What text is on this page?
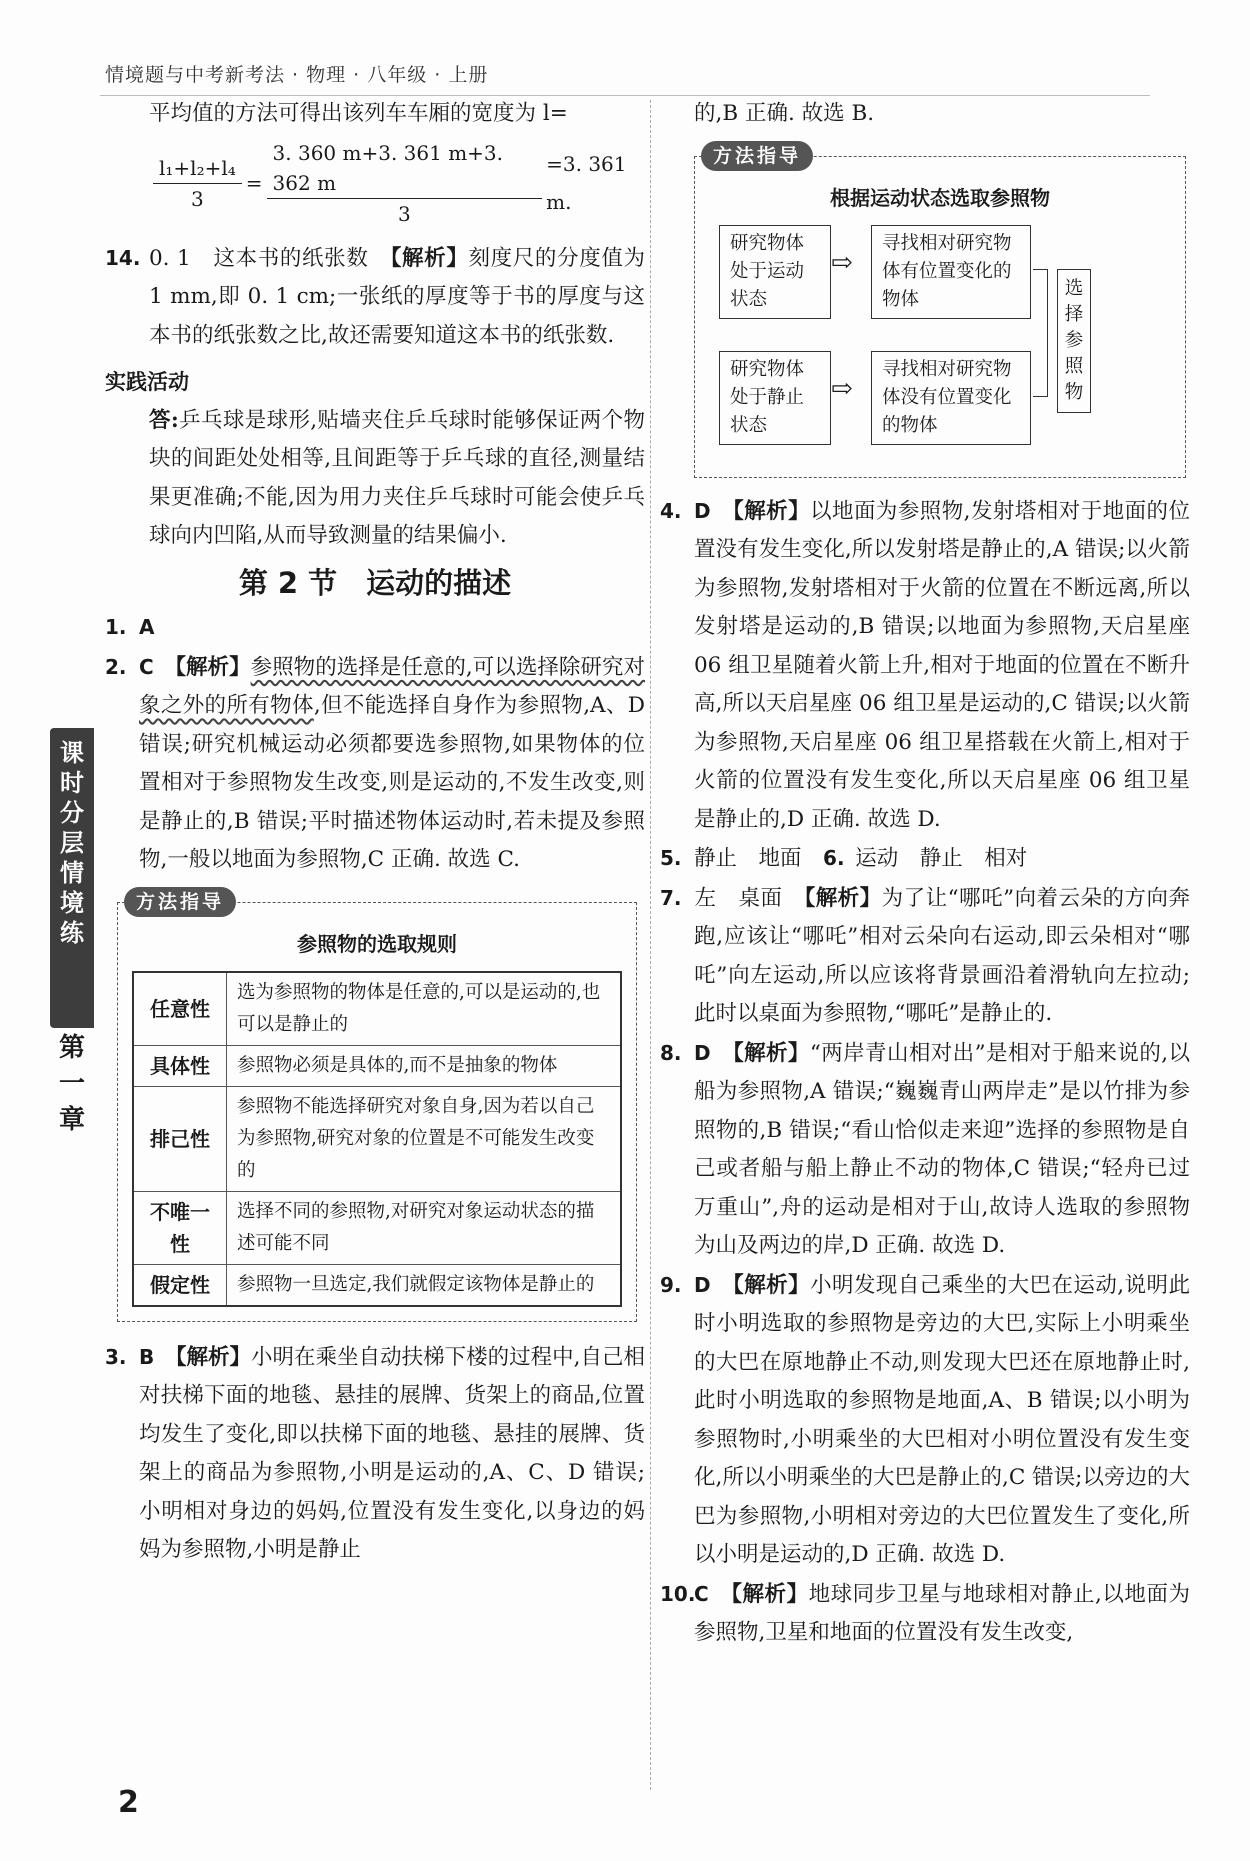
情境题与中考新考法 · 物理 · 八年级 · 上册
课时分层情境练
第一章

平均值的方法可得出该列车车厢的宽度为 l=

$\frac{\text{l₁+l₂+l₄}}{3} = \frac{3. 360 m+3. 361 m+3. 362 m}{3} =3$. 361 m.

14. 0. 1　这本书的纸张数　 【解析】刻度尺的分度值为 1 mm,即 0. 1 cm;一张纸的厚度等于书的厚度与这本书的纸张数之比,故还需要知道这本书的纸张数.

实践活动

答:乒乓球是球形,贴墙夹住乒乓球时能够保证两个物块的间距处处相等,且间距等于乒乓球的直径,测量结果更准确;不能,因为用力夹住乒乓球时可能会使乒乓球向内凹陷,从而导致测量的结果偏小.

第 2 节　运动的描述

1. A

2. C　 【解析】参照物的选择是任意的,可以选择除研究对象之外的所有物体,但不能选择自身作为参照物,A、D 错误;研究机械运动必须都要选参照物,如果物体的位置相对于参照物发生改变,则是运动的,不发生改变,则是静止的,B 错误;平时描述物体运动时,若未提及参照物,一般以地面为参照物,C 正确. 故选 C.

方法指导
参照物的选取规则
任意性	选为参照物的物体是任意的,可以是运动的,也可以是静止的
具体性	参照物必须是具体的,而不是抽象的物体
排己性	参照物不能选择研究对象自身,因为若以自己为参照物,研究对象的位置是不可能发生改变的
不唯一性	选择不同的参照物,对研究对象运动状态的描述可能不同
假定性	参照物一旦选定,我们就假定该物体是静止的

3. B　 【解析】小明在乘坐自动扶梯下楼的过程中,自己相对扶梯下面的地毯、悬挂的展牌、货架上的商品,位置均发生了变化,即以扶梯下面的地毯、悬挂的展牌、货架上的商品为参照物,小明是运动的,A、C、D 错误;小明相对身边的妈妈,位置没有发生变化,以身边的妈妈为参照物,小明是静止

的,B 正确. 故选 B.

方法指导
根据运动状态选取参照物
研究物体处于运动状态
⇨
寻找相对研究物体有位置变化的物体
研究物体处于静止状态
⇨
寻找相对研究物体没有位置变化的物体
选择参照物

4. D　 【解析】以地面为参照物,发射塔相对于地面的位置没有发生变化,所以发射塔是静止的,A 错误;以火箭为参照物,发射塔相对于火箭的位置在不断远离,所以发射塔是运动的,B 错误;以地面为参照物,天启星座 06 组卫星随着火箭上升,相对于地面的位置在不断升高,所以天启星座 06 组卫星是运动的,C 错误;以火箭为参照物,天启星座 06 组卫星搭载在火箭上,相对于火箭的位置没有发生变化,所以天启星座 06 组卫星是静止的,D 正确. 故选 D.

5. 静止　地面　 6.  运动　静止　相对

7. 左　桌面　 【解析】为了让“哪吒”向着云朵的方向奔跑,应该让“哪吒”相对云朵向右运动,即云朵相对“哪吒”向左运动,所以应该将背景画沿着滑轨向左拉动;此时以桌面为参照物,“哪吒”是静止的.

8. D　 【解析】“两岸青山相对出”是相对于船来说的,以船为参照物,A 错误;“巍巍青山两岸走”是以竹排为参照物的,B 错误;“看山恰似走来迎”选择的参照物是自己或者船与船上静止不动的物体,C 错误;“轻舟已过万重山”,舟的运动是相对于山,故诗人选取的参照物为山及两边的岸,D 正确. 故选 D.

9. D　 【解析】小明发现自己乘坐的大巴在运动,说明此时小明选取的参照物是旁边的大巴,实际上小明乘坐的大巴在原地静止不动,则发现大巴还在原地静止时,此时小明选取的参照物是地面,A、B 错误;以小明为参照物时,小明乘坐的大巴相对小明位置没有发生变化,所以小明乘坐的大巴是静止的,C 错误;以旁边的大巴为参照物,小明相对旁边的大巴位置发生了变化,所以小明是运动的,D 正确. 故选 D.

10.C　 【解析】地球同步卫星与地球相对静止,以地面为参照物,卫星和地面的位置没有发生改变,

2
